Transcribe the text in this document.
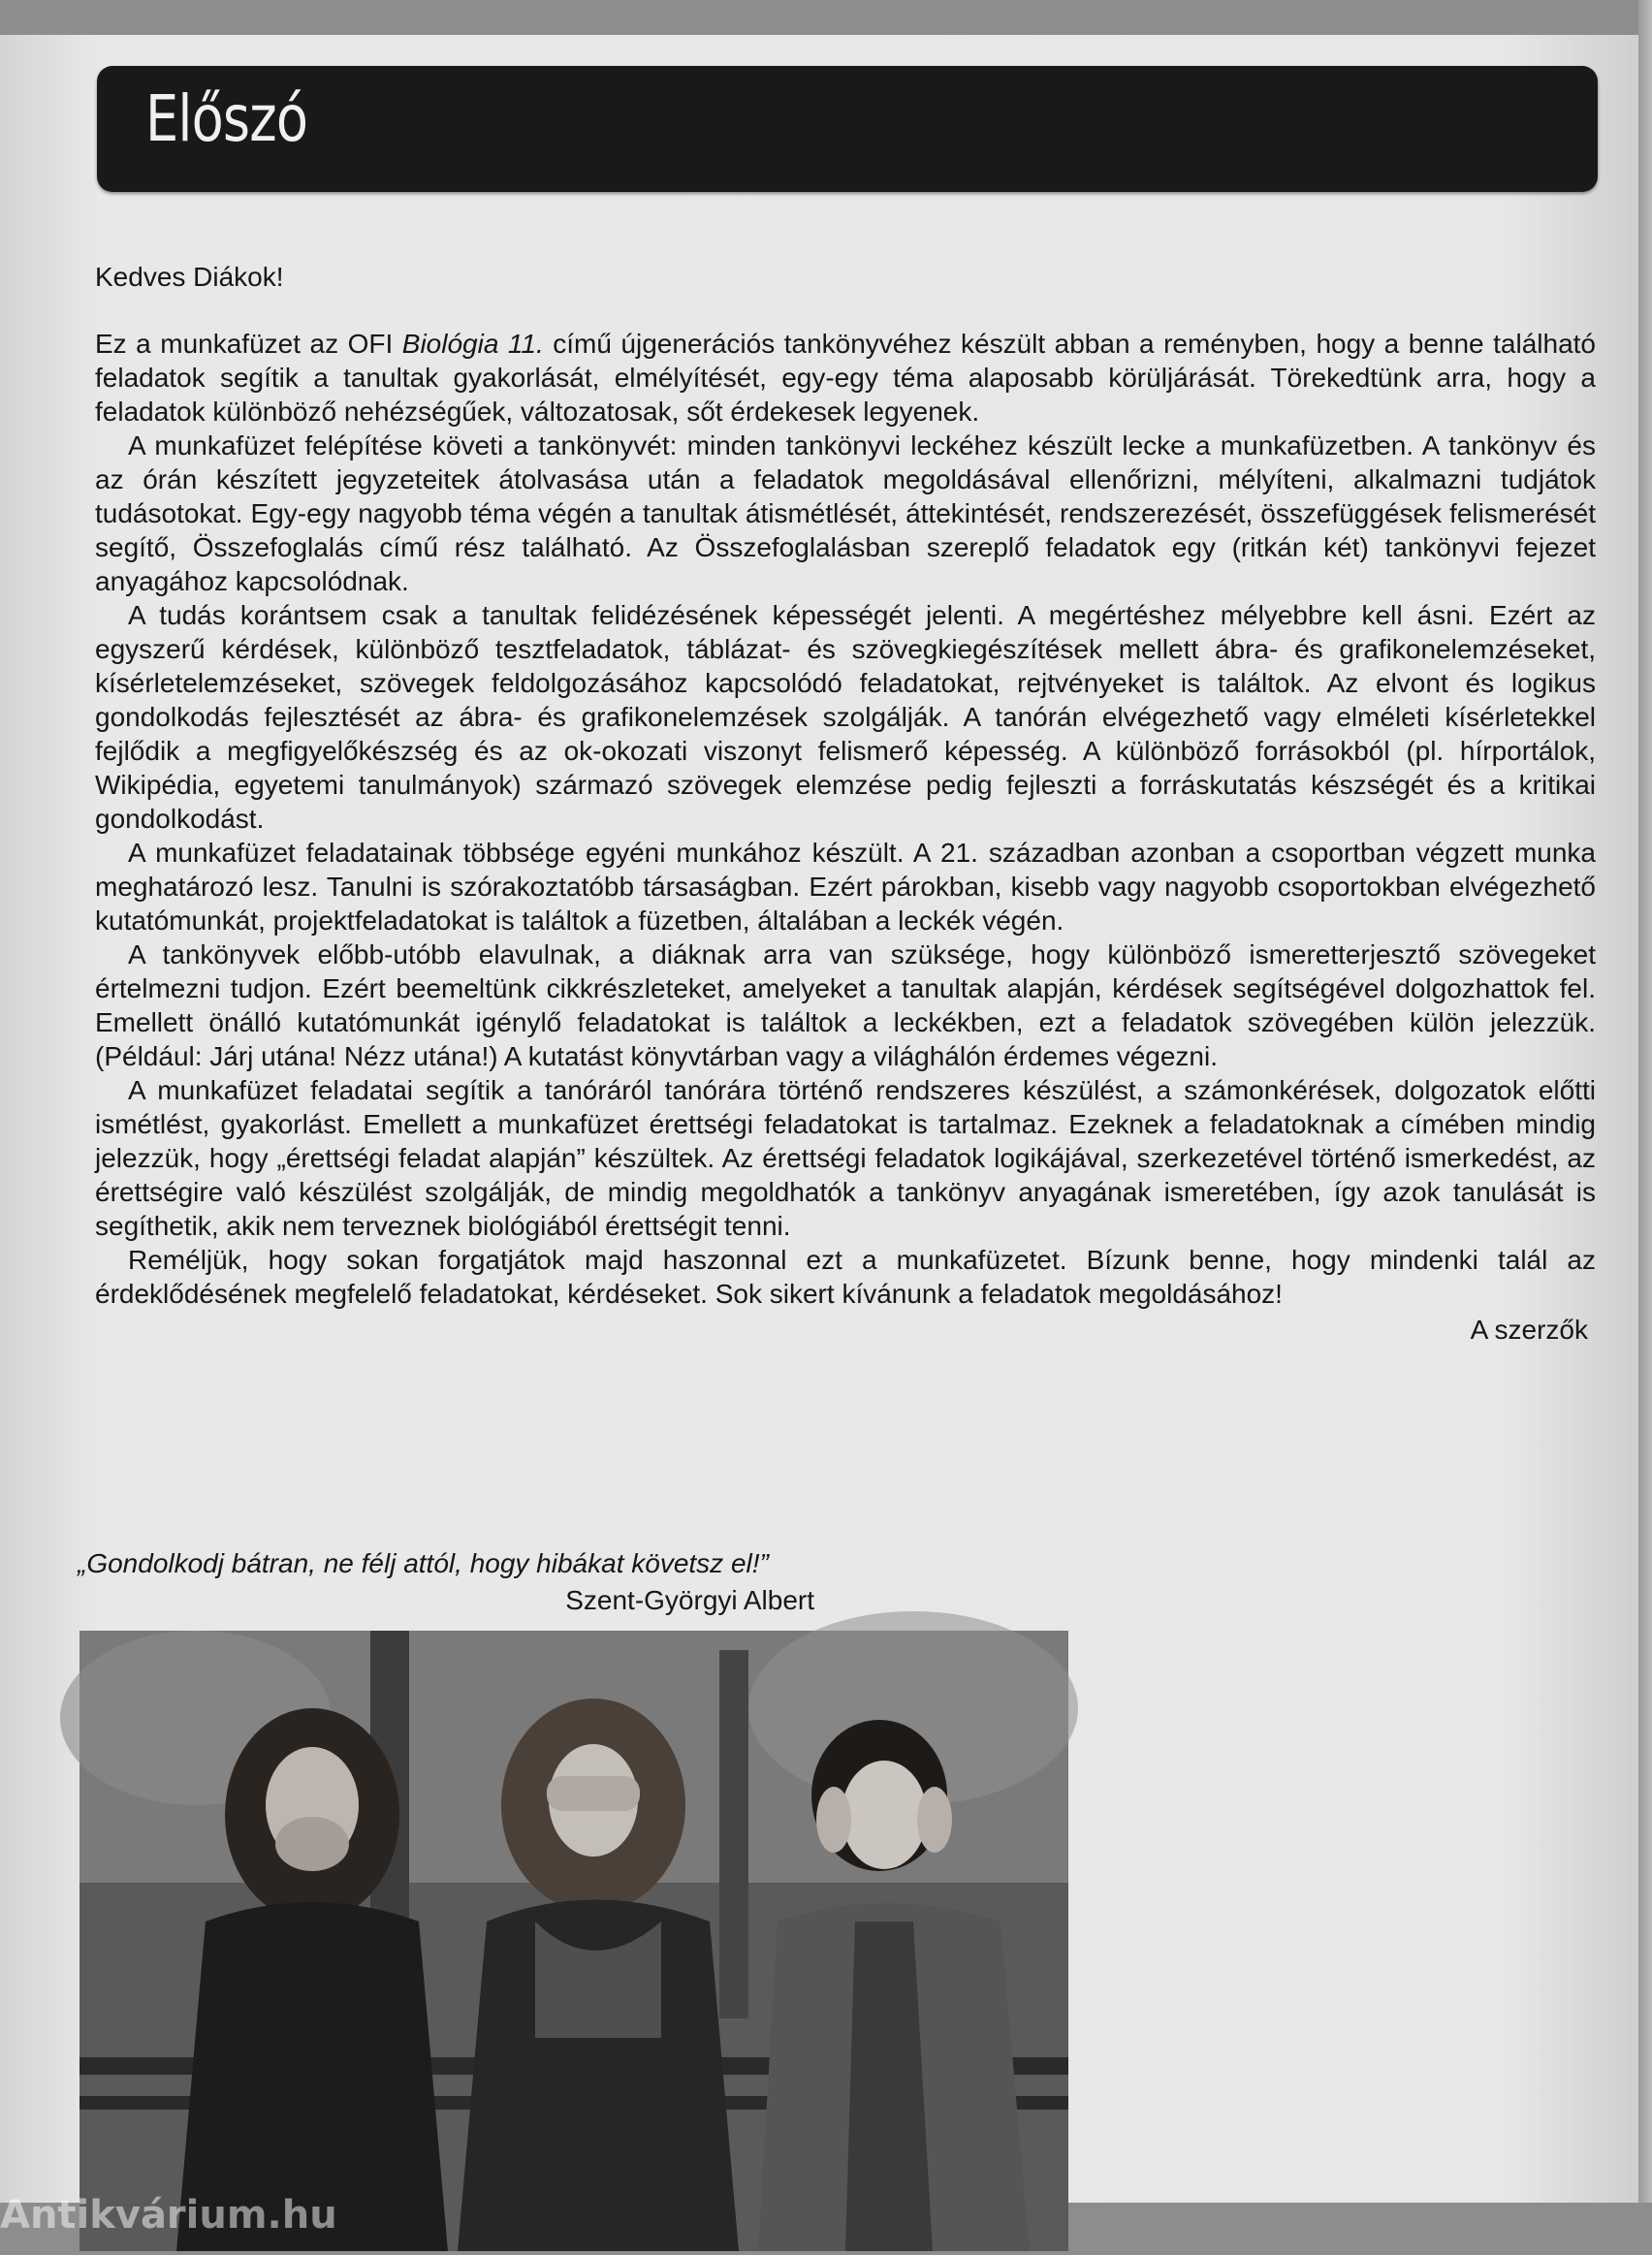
Előszó

Kedves Diákok!

Ez a munkafüzet az OFI Biológia 11. című újgenerációs tankönyvéhez készült abban a reményben, hogy a benne található feladatok segítik a tanultak gyakorlását, elmélyítését, egy-egy téma alaposabb körüljárását. Törekedtünk arra, hogy a feladatok különböző nehézségűek, változatosak, sőt érdekesek legyenek.

A munkafüzet felépítése követi a tankönyvét: minden tankönyvi leckéhez készült lecke a munkafüzetben. A tankönyv és az órán készített jegyzeteitek átolvasása után a feladatok megoldásával ellenőrizni, mélyíteni, alkalmazni tudjátok tudásotokat. Egy-egy nagyobb téma végén a tanultak átismétlését, áttekintését, rendszerezését, összefüggések felismerését segítő, Összefoglalás című rész található. Az Összefoglalásban szereplő feladatok egy (ritkán két) tankönyvi fejezet anyagához kapcsolódnak.

A tudás korántsem csak a tanultak felidézésének képességét jelenti. A megértéshez mélyebbre kell ásni. Ezért az egyszerű kérdések, különböző tesztfeladatok, táblázat- és szövegkiegészítések mellett ábra- és grafikonelemzéseket, kísérletelemzéseket, szövegek feldolgozásához kapcsolódó feladatokat, rejtvényeket is találtok. Az elvont és logikus gondolkodás fejlesztését az ábra- és grafikonelemzések szolgálják. A tanórán elvégezhető vagy elméleti kísérletekkel fejlődik a megfigyelőkészség és az ok-okozati viszonyt felismerő képesség. A különböző forrásokból (pl. hírportálok, Wikipédia, egyetemi tanulmányok) származó szövegek elemzése pedig fejleszti a forráskutatás készségét és a kritikai gondolkodást.

A munkafüzet feladatainak többsége egyéni munkához készült. A 21. században azonban a csoportban végzett munka meghatározó lesz. Tanulni is szórakoztatóbb társaságban. Ezért párokban, kisebb vagy nagyobb csoportokban elvégezhető kutatómunkát, projektfeladatokat is találtok a füzetben, általában a leckék végén.

A tankönyvek előbb-utóbb elavulnak, a diáknak arra van szüksége, hogy különböző ismeretterjesztő szövegeket értelmezni tudjon. Ezért beemeltünk cikkrészleteket, amelyeket a tanultak alapján, kérdések segítségével dolgozhattok fel. Emellett önálló kutatómunkát igénylő feladatokat is találtok a leckékben, ezt a feladatok szövegében külön jelezzük. (Például: Járj utána! Nézz utána!) A kutatást könyvtárban vagy a világhálón érdemes végezni.

A munkafüzet feladatai segítik a tanóráról tanórára történő rendszeres készülést, a számonkérések, dolgozatok előtti ismétlést, gyakorlást. Emellett a munkafüzet érettségi feladatokat is tartalmaz. Ezeknek a feladatoknak a címében mindig jelezzük, hogy „érettségi feladat alapján” készültek. Az érettségi feladatok logikájával, szerkezetével történő ismerkedést, az érettségire való készülést szolgálják, de mindig megoldhatók a tankönyv anyagának ismeretében, így azok tanulását is segíthetik, akik nem terveznek biológiából érettségit tenni.

Reméljük, hogy sokan forgatjátok majd haszonnal ezt a munkafüzetet. Bízunk benne, hogy mindenki talál az érdeklődésének megfelelő feladatokat, kérdéseket. Sok sikert kívánunk a feladatok megoldásához!

A szerzők

„Gondolkodj bátran, ne félj attól, hogy hibákat követsz el!”
Szent-Györgyi Albert
Antikvárium.hu
